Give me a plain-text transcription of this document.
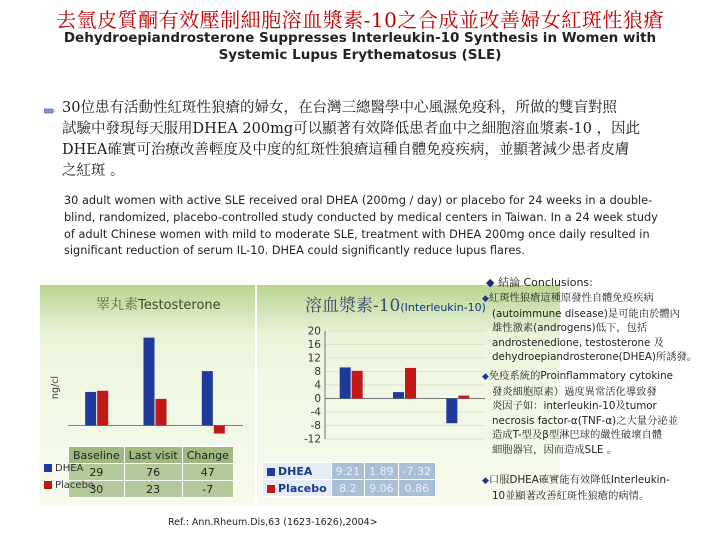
去氫皮質酮有效壓制細胞溶血漿素-10之合成並改善婦女紅斑性狼瘡
Dehydroepiandrosterone Suppresses Interleukin-10 Synthesis in Women with
Systemic Lupus Erythematosus (SLE)
30位患有活動性紅斑性狼瘡的婦女，在台灣三總醫學中心風濕免疫科，所做的雙盲對照
試驗中發現每天服用DHEA 200mg可以顯著有效降低患者血中之細胞溶血漿素-10 ，因此
DHEA確實可治療改善輕度及中度的紅斑性狼瘡這種自體免疫疾病，並顯著減少患者皮膚
之紅斑 。
30 adult women with active SLE received oral DHEA (200mg / day) or placebo for 24 weeks in a double-
blind, randomized, placebo-controlled study conducted by medical centers in Taiwan. In a 24 week study
of adult Chinese women with mild to moderate SLE, treatment with DHEA 200mg once daily resulted in
significant reduction of serum IL-10. DHEA could significantly reduce lupus flares.
睪丸素Testosterone	溶血漿素-10(Interleukin-10)
20
16
12
8
4
0
-4
-8
-12
ng/cl
Baseline	Last visit	Change
29	76	47
30	23	-7
DHEA
Placebo
DHEA	9.21	1.89	-7.32
Placebo	8.2	9.06	0.86
◆ 結論 Conclusions:
◆紅斑性狼瘡這種原發性自體免疫疾病
(autoimmune disease)是可能由於體內
雄性激素(androgens)低下，包括
androstenedione, testosterone 及
dehydroepiandrosterone(DHEA)所誘發。
◆免疫系統的Proinflammatory cytokine
發炎細胞原素）過度異常活化導致發
炎因子如：interleukin-10及tumor
necrosis factor-α(TNF-α)之大量分泌並
造成T-型及β型淋巴球的嚴性破壞自體
細胞器官，因而造成SLE 。
◆口服DHEA確實能有效降低Interleukin-
10並顯著改善紅斑性狼瘡的病情。
Ref.: Ann.Rheum.Dis,63 (1623-1626),2004>
